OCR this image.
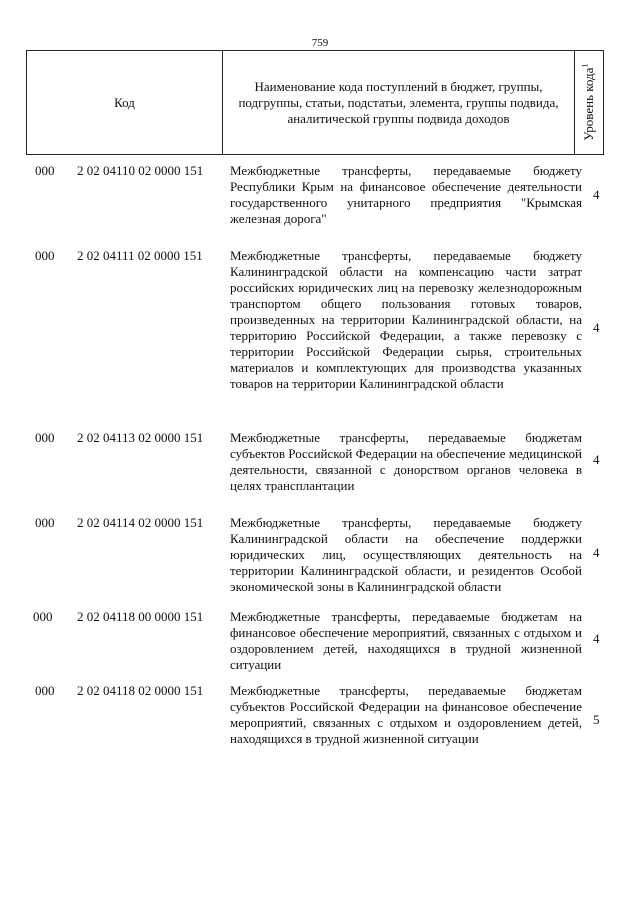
759
Код
Наименование кода поступлений в бюджет, группы, подгруппы, статьи, подстатьи, элемента, группы подвида, аналитической группы подвида доходов	Уровень кода$^1$
000 2 02 04110 02 0000 151 Межбюджетные трансферты, передаваемые бюджету Республики Крым на финансовое обеспечение деятельности государственного унитарного предприятия "Крымская железная дорога"
4
000 2 02 04111 02 0000 151 Межбюджетные трансферты, передаваемые бюджету Калининградской области на компенсацию части затрат российских юридических лиц на перевозку железнодорожным транспортом общего пользования готовых товаров, произведенных на территории Калининградской области, на территорию Российской Федерации, а также перевозку с территории Российской Федерации сырья, строительных материалов и комплектующих для производства указанных товаров на территории Калининградской области
4
000 2 02 04113 02 0000 151 Межбюджетные трансферты, передаваемые бюджетам субъектов Российской Федерации на обеспечение медицинской деятельности, связанной с донорством органов человека в целях трансплантации
4
000 2 02 04114 02 0000 151 Межбюджетные трансферты, передаваемые бюджету Калининградской области на обеспечение поддержки юридических лиц, осуществляющих деятельность на территории Калининградской области, и резидентов Особой экономической зоны в Калининградской области
4
000 2 02 04118 00 0000 151 Межбюджетные трансферты, передаваемые бюджетам на финансовое обеспечение мероприятий, связанных с отдыхом и оздоровлением детей, находящихся в трудной жизненной ситуации
4
000 2 02 04118 02 0000 151 Межбюджетные трансферты, передаваемые бюджетам субъектов Российской Федерации на финансовое обеспечение мероприятий, связанных с отдыхом и оздоровлением детей, находящихся в трудной жизненной ситуации
5
